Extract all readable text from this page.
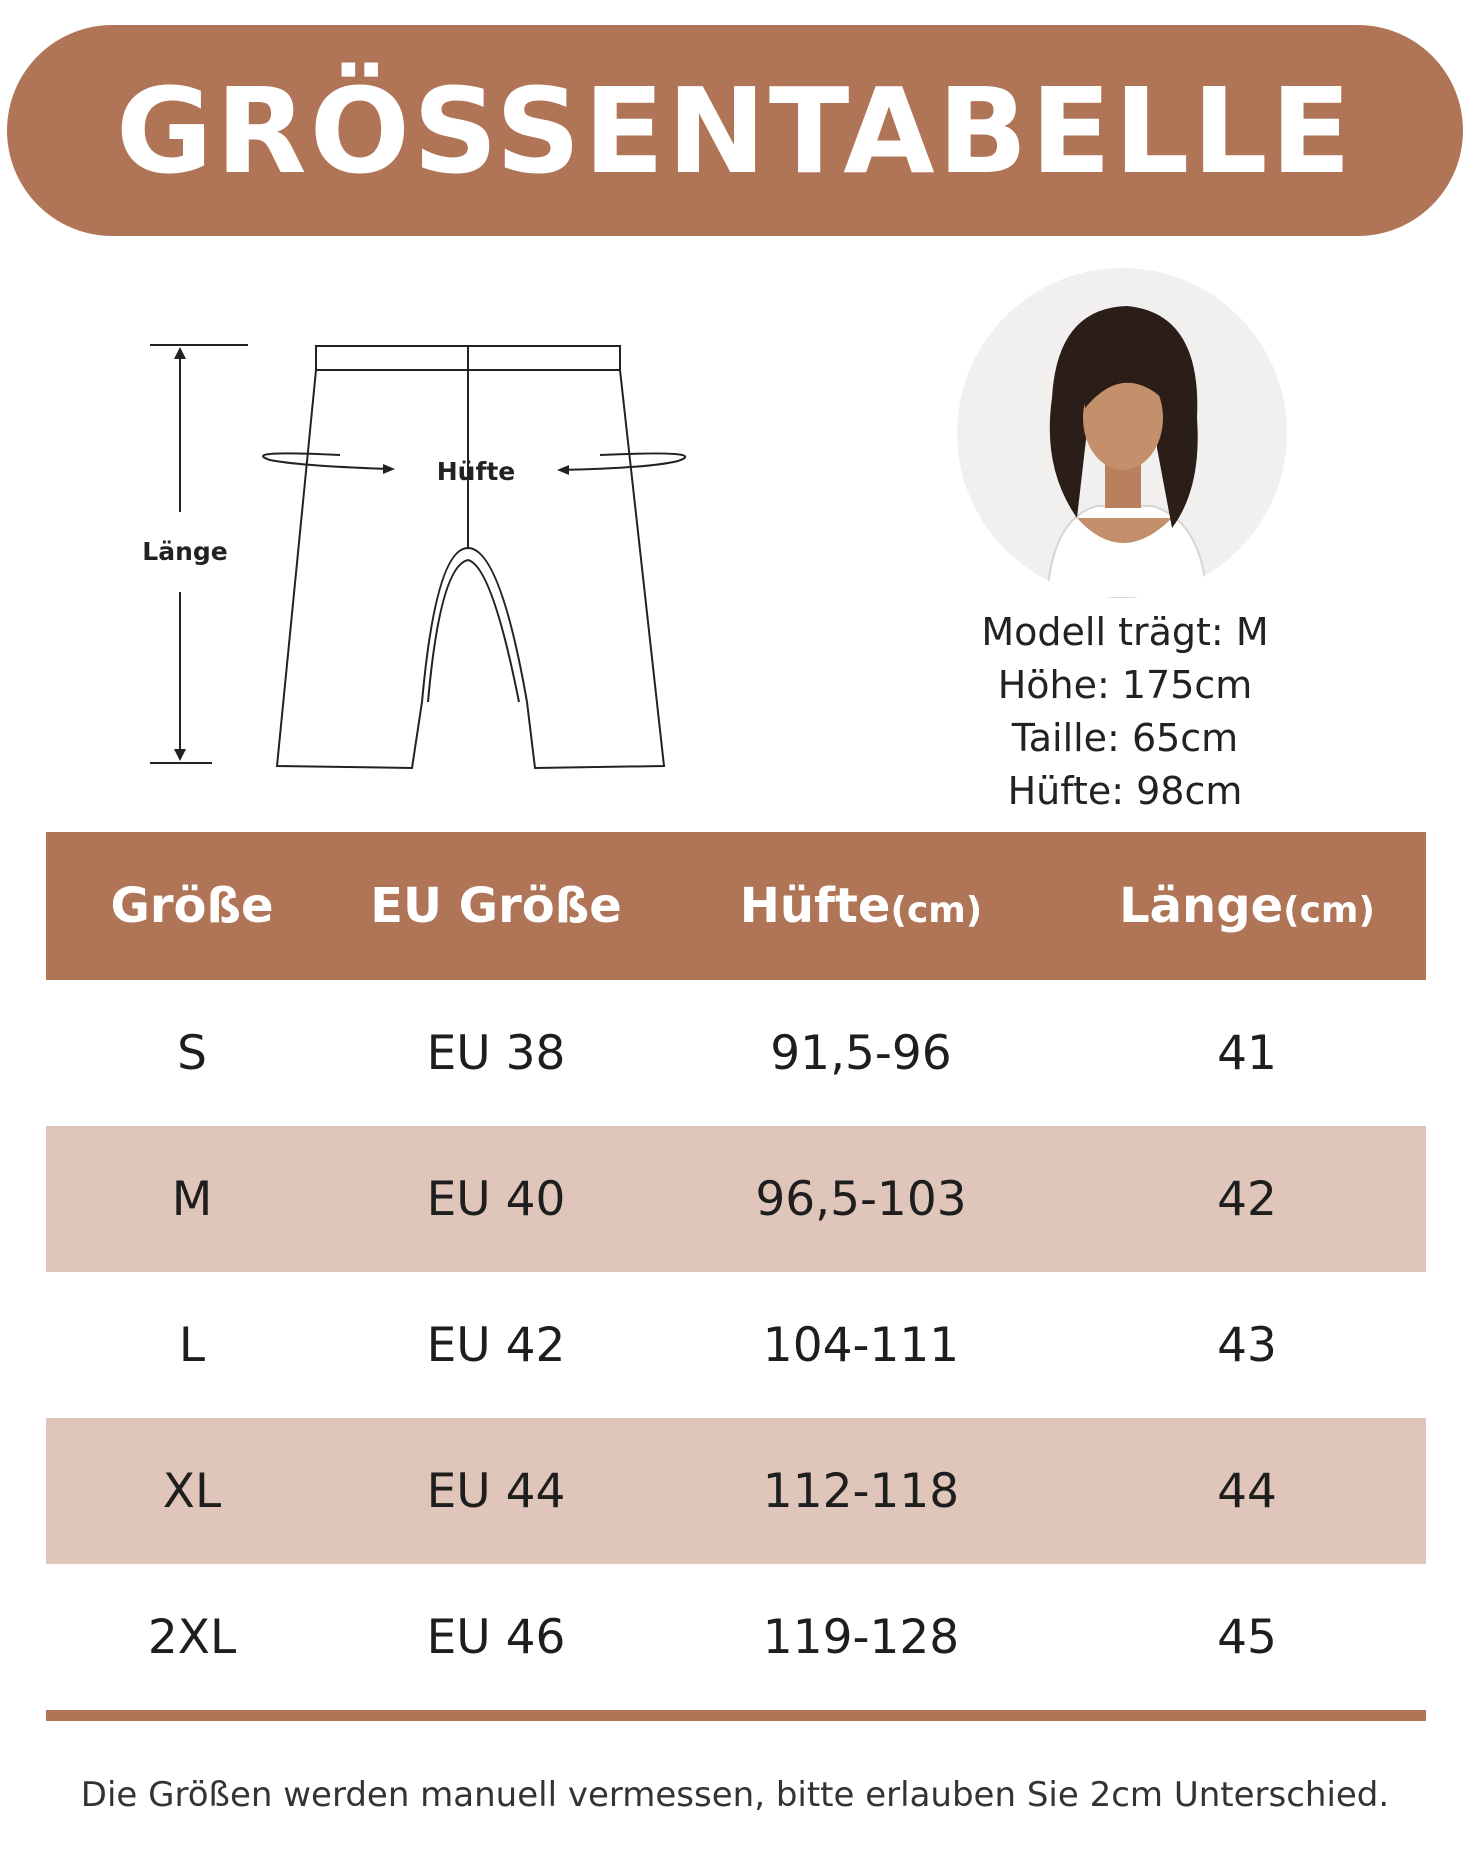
GRÖSSENTABELLE
Länge
Hüfte
Modell trägt: M
Höhe: 175cm
Taille: 65cm
Hüfte: 98cm
Größe	EU Größe	Hüfte(cm)	Länge(cm)
S	EU 38	91,5-96	41
M	EU 40	96,5-103	42
L	EU 42	104-111	43
XL	EU 44	112-118	44
2XL	EU 46	119-128	45
Die Größen werden manuell vermessen, bitte erlauben Sie 2cm Unterschied.
